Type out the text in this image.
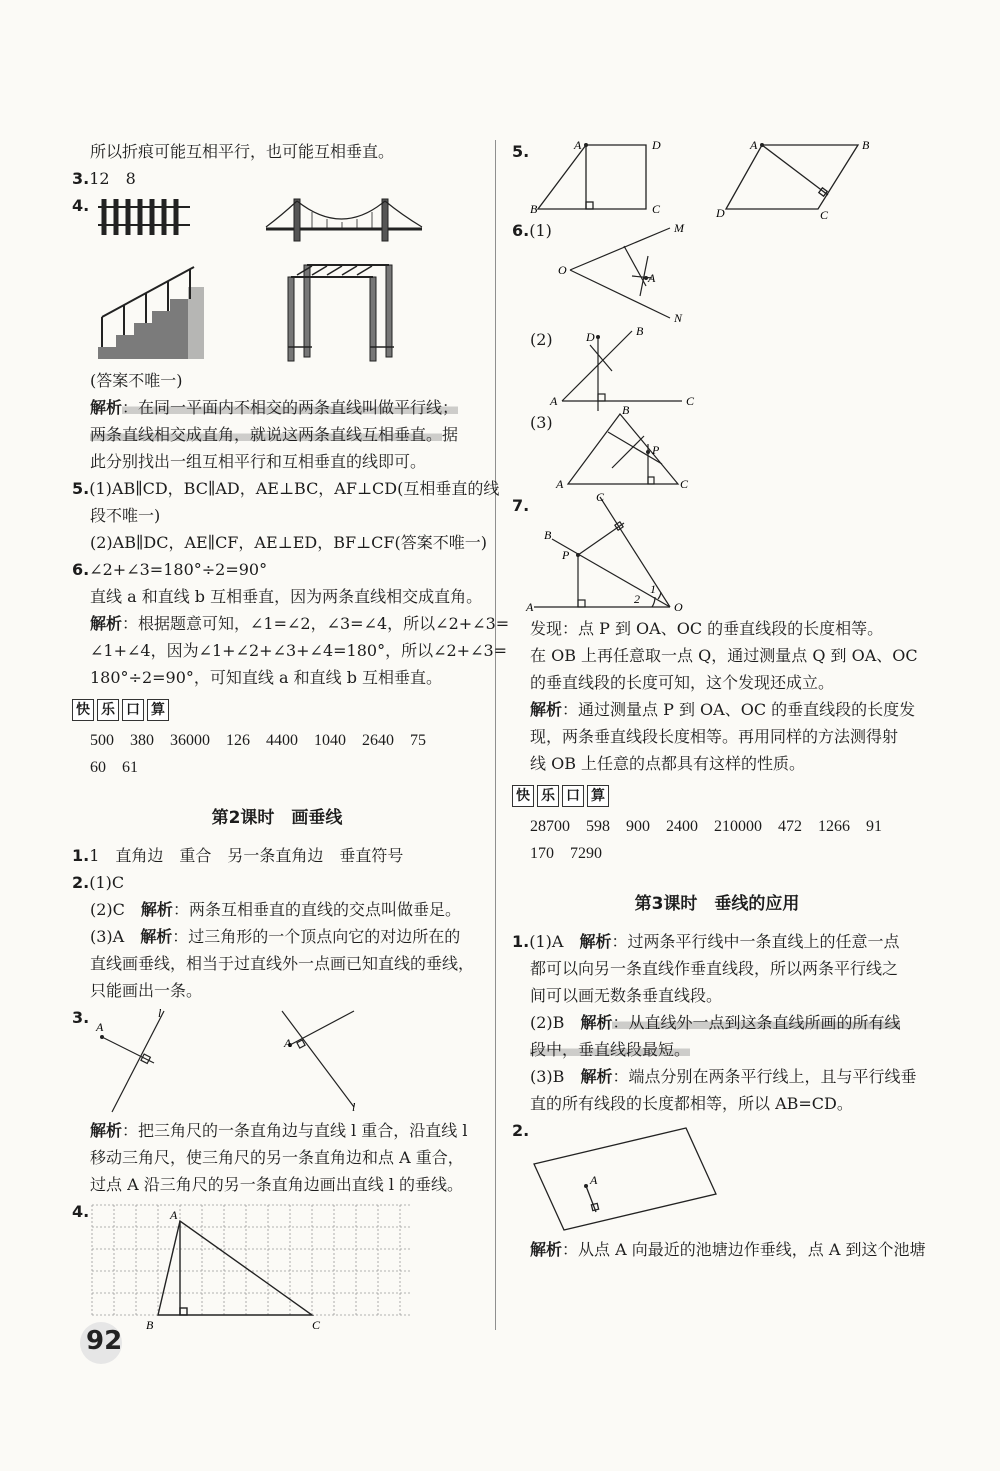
所以折痕可能互相平行，也可能互相垂直。
3.12　8
4.
(答案不唯一)
解析：在同一平面内不相交的两条直线叫做平行线；
两条直线相交成直角，就说这两条直线互相垂直。据
此分别找出一组互相平行和互相垂直的线即可。
5.(1)AB∥CD，BC∥AD，AE⊥BC，AF⊥CD(互相垂直的线
段不唯一)
(2)AB∥DC，AE∥CF，AE⊥ED，BF⊥CF(答案不唯一)
6.∠2+∠3=180°÷2=90°
直线 a 和直线 b 互相垂直，因为两条直线相交成直角。
解析：根据题意可知，∠1=∠2，∠3=∠4，所以∠2+∠3=
∠1+∠4，因为∠1+∠2+∠3+∠4=180°，所以∠2+∠3=
180°÷2=90°，可知直线 a 和直线 b 互相垂直。
快 乐 口 算
500　380　36000　126　4400　1040　2640　75
60　61
第2课时　画垂线
1.1　直角边　重合　另一条直角边　垂直符号
2.(1)C
(2)C　 解析：两条互相垂直的直线的交点叫做垂足。
(3)A　 解析：过三角形的一个顶点向它的对边所在的
直线画垂线，相当于过直线外一点画已知直线的垂线，
只能画出一条。
3. A
l
A
l
解析：把三角尺的一条直角边与直线 l 重合，沿直线 l
移动三角尺，使三角尺的另一条直角边和点 A 重合，
过点 A 沿三角尺的另一条直角边画出直线 l 的垂线。
4.	A
B	C
5.	A	D
B	C
A	B
D	C
6.(1)
O
M
N
A
(2)	D	B
A	C
(3)
A
B
C
P
7.	C
B
P
A	O
1
2
发现：点 P 到 OA、OC 的垂直线段的长度相等。
在 OB 上再任意取一点 Q，通过测量点 Q 到 OA、OC
的垂直线段的长度可知，这个发现还成立。
解析：通过测量点 P 到 OA、OC 的垂直线段的长度发
现，两条垂直线段长度相等。再用同样的方法测得射
线 OB 上任意的点都具有这样的性质。
快 乐 口 算
28700　598　900　2400　210000　472　1266　91
170　7290
第3课时　垂线的应用
1.(1)A　 解析：过两条平行线中一条直线上的任意一点
都可以向另一条直线作垂直线段，所以两条平行线之
间可以画无数条垂直线段。
(2)B　 解析：从直线外一点到这条直线所画的所有线
段中，垂直线段最短。
(3)B　 解析：端点分别在两条平行线上，且与平行线垂
直的所有线段的长度都相等，所以 AB=CD。
2.
A
解析：从点 A 向最近的池塘边作垂线，点 A 到这个池塘
92
